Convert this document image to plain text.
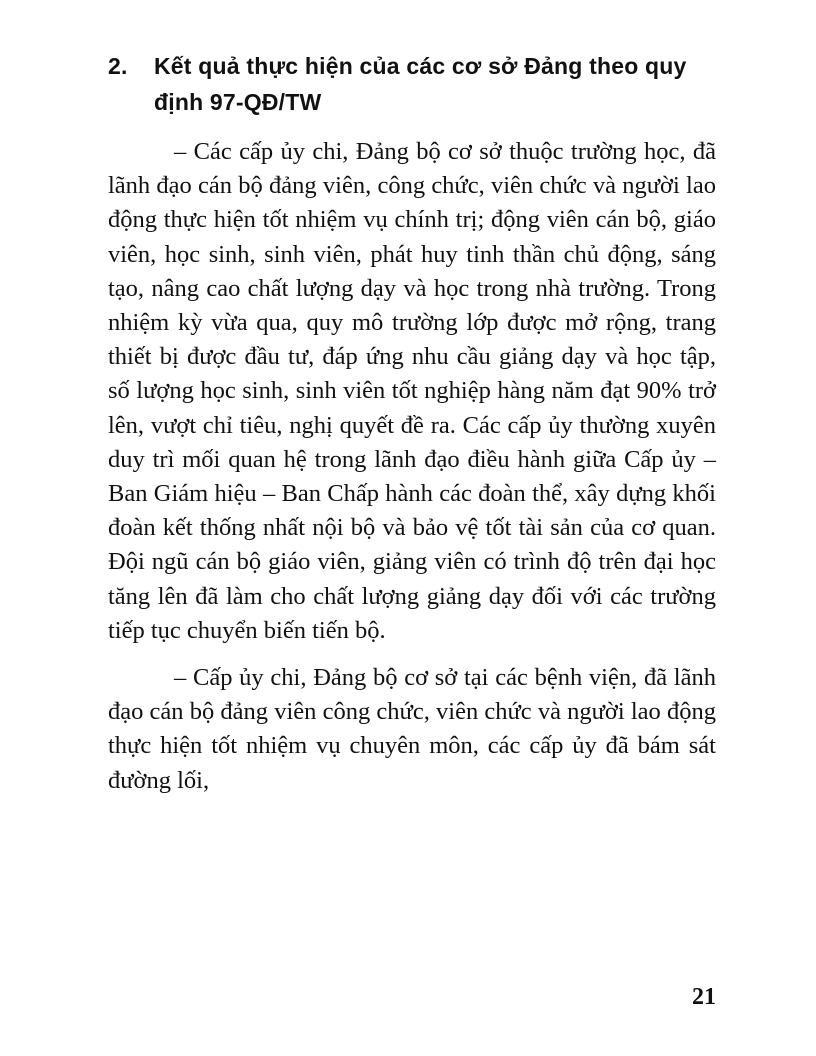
2.	Kết quả thực hiện của các cơ sở Đảng theo quy định 97-QĐ/TW

– Các cấp ủy chi, Đảng bộ cơ sở thuộc trường học, đã lãnh đạo cán bộ đảng viên, công chức, viên chức và người lao động thực hiện tốt nhiệm vụ chính trị; động viên cán bộ, giáo viên, học sinh, sinh viên, phát huy tinh thần chủ động, sáng tạo, nâng cao chất lượng dạy và học trong nhà trường. Trong nhiệm kỳ vừa qua, quy mô trường lớp được mở rộng, trang thiết bị được đầu tư, đáp ứng nhu cầu giảng dạy và học tập, số lượng học sinh, sinh viên tốt nghiệp hàng năm đạt 90% trở lên, vượt chỉ tiêu, nghị quyết đề ra. Các cấp ủy thường xuyên duy trì mối quan hệ trong lãnh đạo điều hành giữa Cấp ủy – Ban Giám hiệu – Ban Chấp hành các đoàn thể, xây dựng khối đoàn kết thống nhất nội bộ và bảo vệ tốt tài sản của cơ quan. Đội ngũ cán bộ giáo viên, giảng viên có trình độ trên đại học tăng lên đã làm cho chất lượng giảng dạy đối với các trường tiếp tục chuyển biến tiến bộ.

– Cấp ủy chi, Đảng bộ cơ sở tại các bệnh viện, đã lãnh đạo cán bộ đảng viên công chức, viên chức và người lao động thực hiện tốt nhiệm vụ chuyên môn, các cấp ủy đã bám sát đường lối,

21
